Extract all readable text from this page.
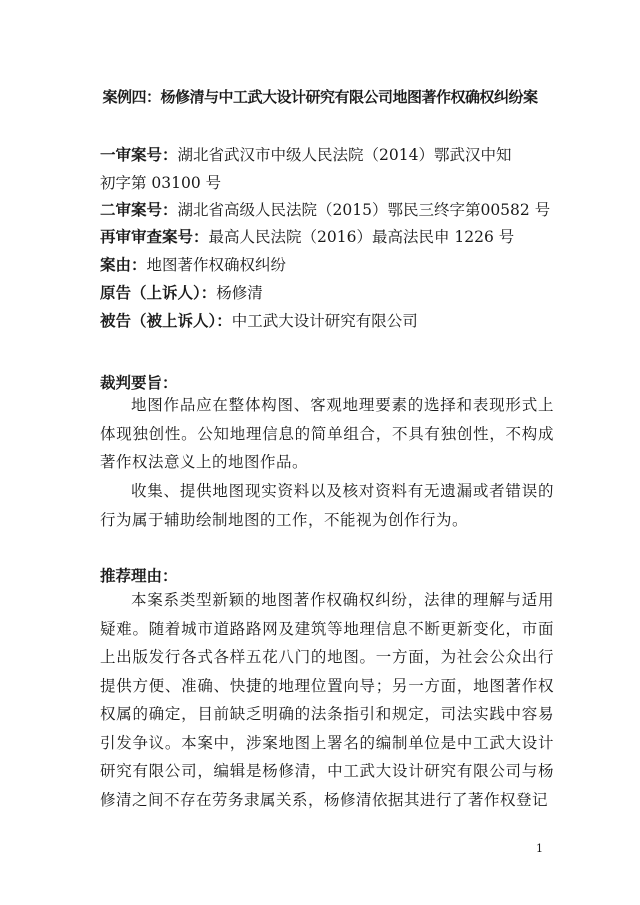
案例四：杨修清与中工武大设计研究有限公司地图著作权确权纠纷案
一审案号：湖北省武汉市中级人民法院（2014）鄂武汉中知
初字第 03100 号
二审案号：湖北省高级人民法院（2015）鄂民三终字第00582 号
再审审查案号：最高人民法院（2016）最高法民申 1226 号
案由：地图著作权确权纠纷
原告（上诉人）：杨修清
被告（被上诉人）：中工武大设计研究有限公司
裁判要旨：
地图作品应在整体构图、客观地理要素的选择和表现形式上体现独创性。公知地理信息的简单组合，不具有独创性，不构成著作权法意义上的地图作品。
收集、提供地图现实资料以及核对资料有无遗漏或者错误的行为属于辅助绘制地图的工作，不能视为创作行为。
推荐理由：
本案系类型新颖的地图著作权确权纠纷，法律的理解与适用疑难。随着城市道路路网及建筑等地理信息不断更新变化，市面上出版发行各式各样五花八门的地图。一方面，为社会公众出行提供方便、准确、快捷的地理位置向导；另一方面，地图著作权权属的确定，目前缺乏明确的法条指引和规定，司法实践中容易引发争议。本案中，涉案地图上署名的编制单位是中工武大设计研究有限公司，编辑是杨修清，中工武大设计研究有限公司与杨修清之间不存在劳务隶属关系，杨修清依据其进行了著作权登记
1
